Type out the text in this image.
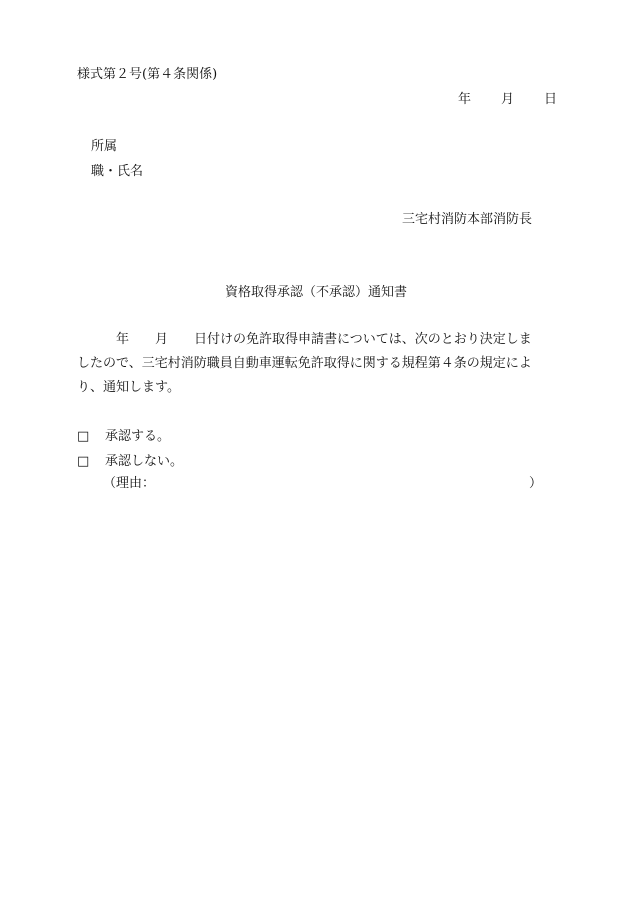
様式第２号(第４条関係)
年 月 日
所属
職・氏名
三宅村消防本部消防長
資格取得承認（不承認）通知書
　　　年　　月　　日付けの免許取得申請書については、次のとおり決定しま
したので、三宅村消防職員自動車運転免許取得に関する規程第４条の規定によ
り、通知します。
□ 承認する。
□ 承認しない。
（理由：	）
